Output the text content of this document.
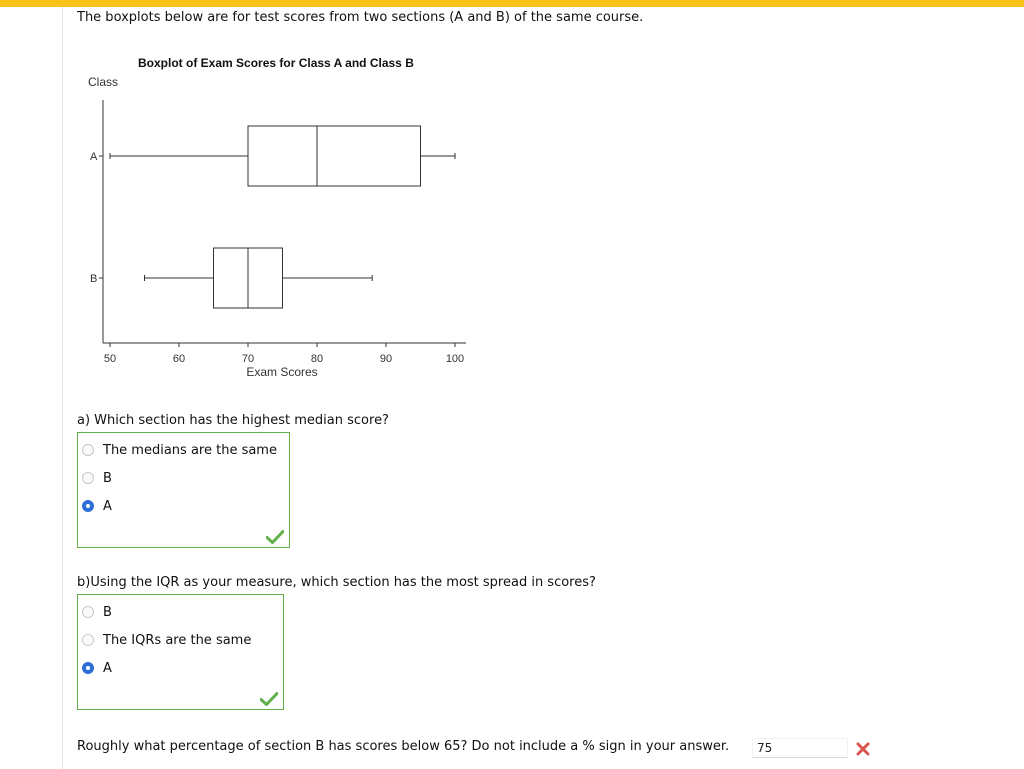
The boxplots below are for test scores from two sections (A and B) of the same course.
Boxplot of Exam Scores for Class A and Class B
Class
Exam Scores
50	60	70	80	90	100
A
B
a) Which section has the highest median score?
The medians are the same
B
A
b)Using the IQR as your measure, which section has the most spread in scores?
B
The IQRs are the same
A
Roughly what percentage of section B has scores below 65? Do not include a % sign in your answer.
75
